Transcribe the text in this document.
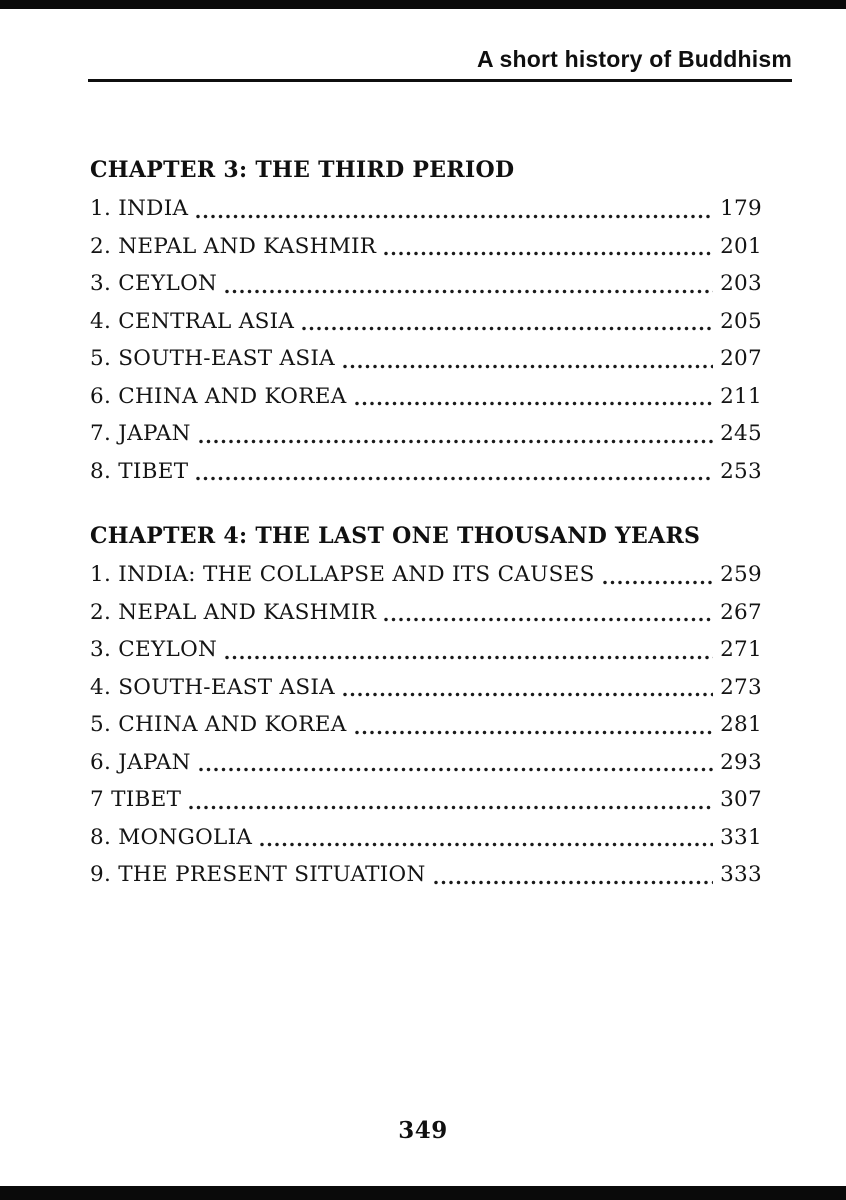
A short history of Buddhism
CHAPTER 3: THE THIRD PERIOD
1. INDIA	179
2. NEPAL AND KASHMIR	201
3. CEYLON	203
4. CENTRAL ASIA	205
5. SOUTH-EAST ASIA	207
6. CHINA AND KOREA	211
7. JAPAN	245
8. TIBET	253
CHAPTER 4: THE LAST ONE THOUSAND YEARS
1. INDIA: THE COLLAPSE AND ITS CAUSES	259
2. NEPAL AND KASHMIR	267
3. CEYLON	271
4. SOUTH-EAST ASIA	273
5. CHINA AND KOREA	281
6. JAPAN	293
7 TIBET	307
8. MONGOLIA	331
9. THE PRESENT SITUATION	333
349
